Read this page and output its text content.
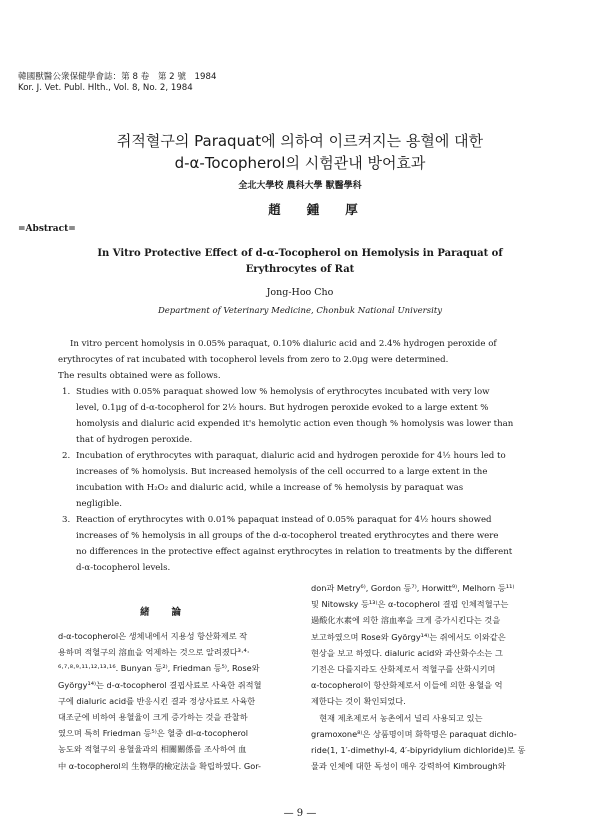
韓國獸醫公衆保健學會誌：第 8 卷　第 2 號　1984
Kor. J. Vet. Publ. Hlth., Vol. 8, No. 2, 1984
쥐적혈구의 Paraquat에 의하여 이르켜지는 용혈에 대한
d-α-Tocopherol의 시험관내 방어효과
全北大學校 農科大學 獸醫學科
趙鍾厚
=Abstract=
In Vitro Protective Effect of d-α-Tocopherol on Hemolysis in Paraquat of
Erythrocytes of Rat
Jong-Hoo Cho
Department of Veterinary Medicine, Chonbuk National University
In vitro percent homolysis in 0.05% paraquat, 0.10% dialuric acid and 2.4% hydrogen peroxide of
erythrocytes of rat incubated with tocopherol levels from zero to 2.0μg were determined.
The results obtained were as follows.
1. Studies with 0.05% paraquat showed low % hemolysis of erythrocytes incubated with very low
level, 0.1μg of d-α-tocopherol for 2½ hours. But hydrogen peroxide evoked to a large extent %
homolysis and dialuric acid expended it's hemolytic action even though % homolysis was lower than
that of hydrogen peroxide.
2. Incubation of erythrocytes with paraquat, dialuric acid and hydrogen peroxide for 4½ hours led to
increases of % homolysis. But increased hemolysis of the cell occurred to a large extent in the
incubation with H₂O₂ and dialuric acid, while a increase of % hemolysis by paraquat was
negligible.
3. Reaction of erythrocytes with 0.01% papaquat instead of 0.05% paraquat for 4½ hours showed
increases of % hemolysis in all groups of the d-α-tocopherol treated erythrocytes and there were
no differences in the protective effect against erythrocytes in relation to treatments by the different
d-α-tocopherol levels.
緒論
d-α-tocopherol은 생체내에서 지용성 항산화제로 작
용하며 적혈구의 溶血을 억제하는 것으로 알려졌다³·⁴·
⁶·⁷·⁸·⁹·¹¹·¹²·¹³·¹⁶. Bunyan 등²⁾, Friedman 등⁵⁾, Rose와
György¹⁴⁾는 d-α-tocopherol 결핍사료로 사육한 쥐적혈
구에 dialuric acid를 반응시킨 결과 정상사료로 사육한
대조군에 비하여 용혈율이 크게 증가하는 것을 관찰하
였으며 특히 Friedman 등⁵⁾은 혈중 dl-α-tocopherol
농도와 적혈구의 용혈율과의 相關關係를 조사하여 血
中 α-tocopherol의 生物學的檢定法을 확립하였다. Gor-
don과 Metry⁶⁾, Gordon 등⁷⁾, Horwitt⁹⁾, Melhorn 등¹¹⁾
및 Nitowsky 등¹³⁾은 α-tocopherol 결핍 인체적혈구는
過酸化水素에 의한 溶血率을 크게 증가시킨다는 것을
보고하였으며 Rose와 György¹⁴⁾는 쥐에서도 이와같은
현상을 보고 하였다. dialuric acid와 과산화수소는 그
기전은 다를지라도 산화제로서 적혈구를 산화시키며
α-tocopherol이 항산화제로서 이들에 의한 용혈을 억
제한다는 것이 확인되었다.
　현재 제초제로서 농촌에서 널리 사용되고 있는
gramoxone⁸⁾은 상품명이며 화학명은 paraquat dichlo-
ride(1, 1′-dimethyl-4, 4′-bipyridylium dichloride)로 동
물과 인체에 대한 독성이 매우 강력하여 Kimbrough와
— 9 —
